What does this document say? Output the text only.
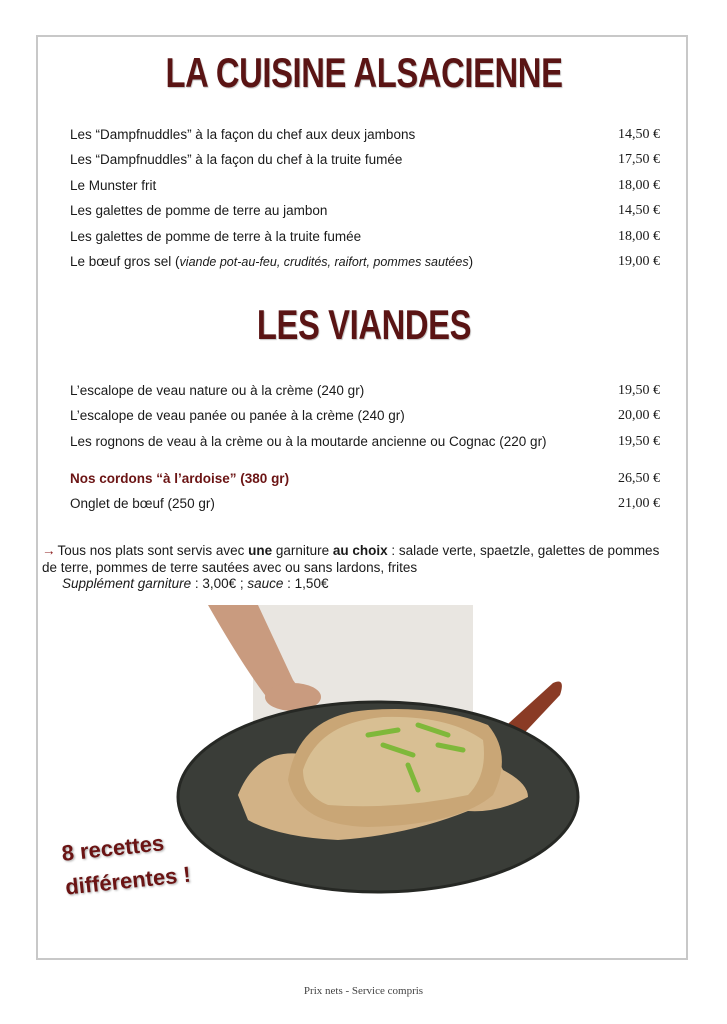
LA CUISINE ALSACIENNE
Les “Dampfnuddles” à la façon du chef aux deux jambons	14,50 €
Les “Dampfnuddles” à la façon du chef à la truite fumée	17,50 €
Le Munster frit	18,00 €
Les galettes de pomme de terre au jambon	14,50 €
Les galettes de pomme de terre à la truite fumée	18,00 €
Le bœuf gros sel (viande pot-au-feu, crudités, raifort, pommes sautées)	19,00 €
LES VIANDES
L’escalope de veau nature ou à la crème (240 gr)	19,50 €
L’escalope de veau panée ou panée à la crème (240 gr)	20,00 €
Les rognons de veau à la crème ou à la moutarde ancienne ou Cognac (220 gr)	19,50 €
Nos cordons “à l’ardoise” (380 gr)	26,50 €
Onglet de bœuf (250 gr)	21,00 €
→ Tous nos plats sont servis avec une garniture au choix : salade verte, spaetzle, galettes de pommes de terre, pommes de terre sautées avec ou sans lardons, frites
Supplément garniture : 3,00€ ; sauce : 1,50€
8 recettes
différentes !
Prix nets - Service compris
